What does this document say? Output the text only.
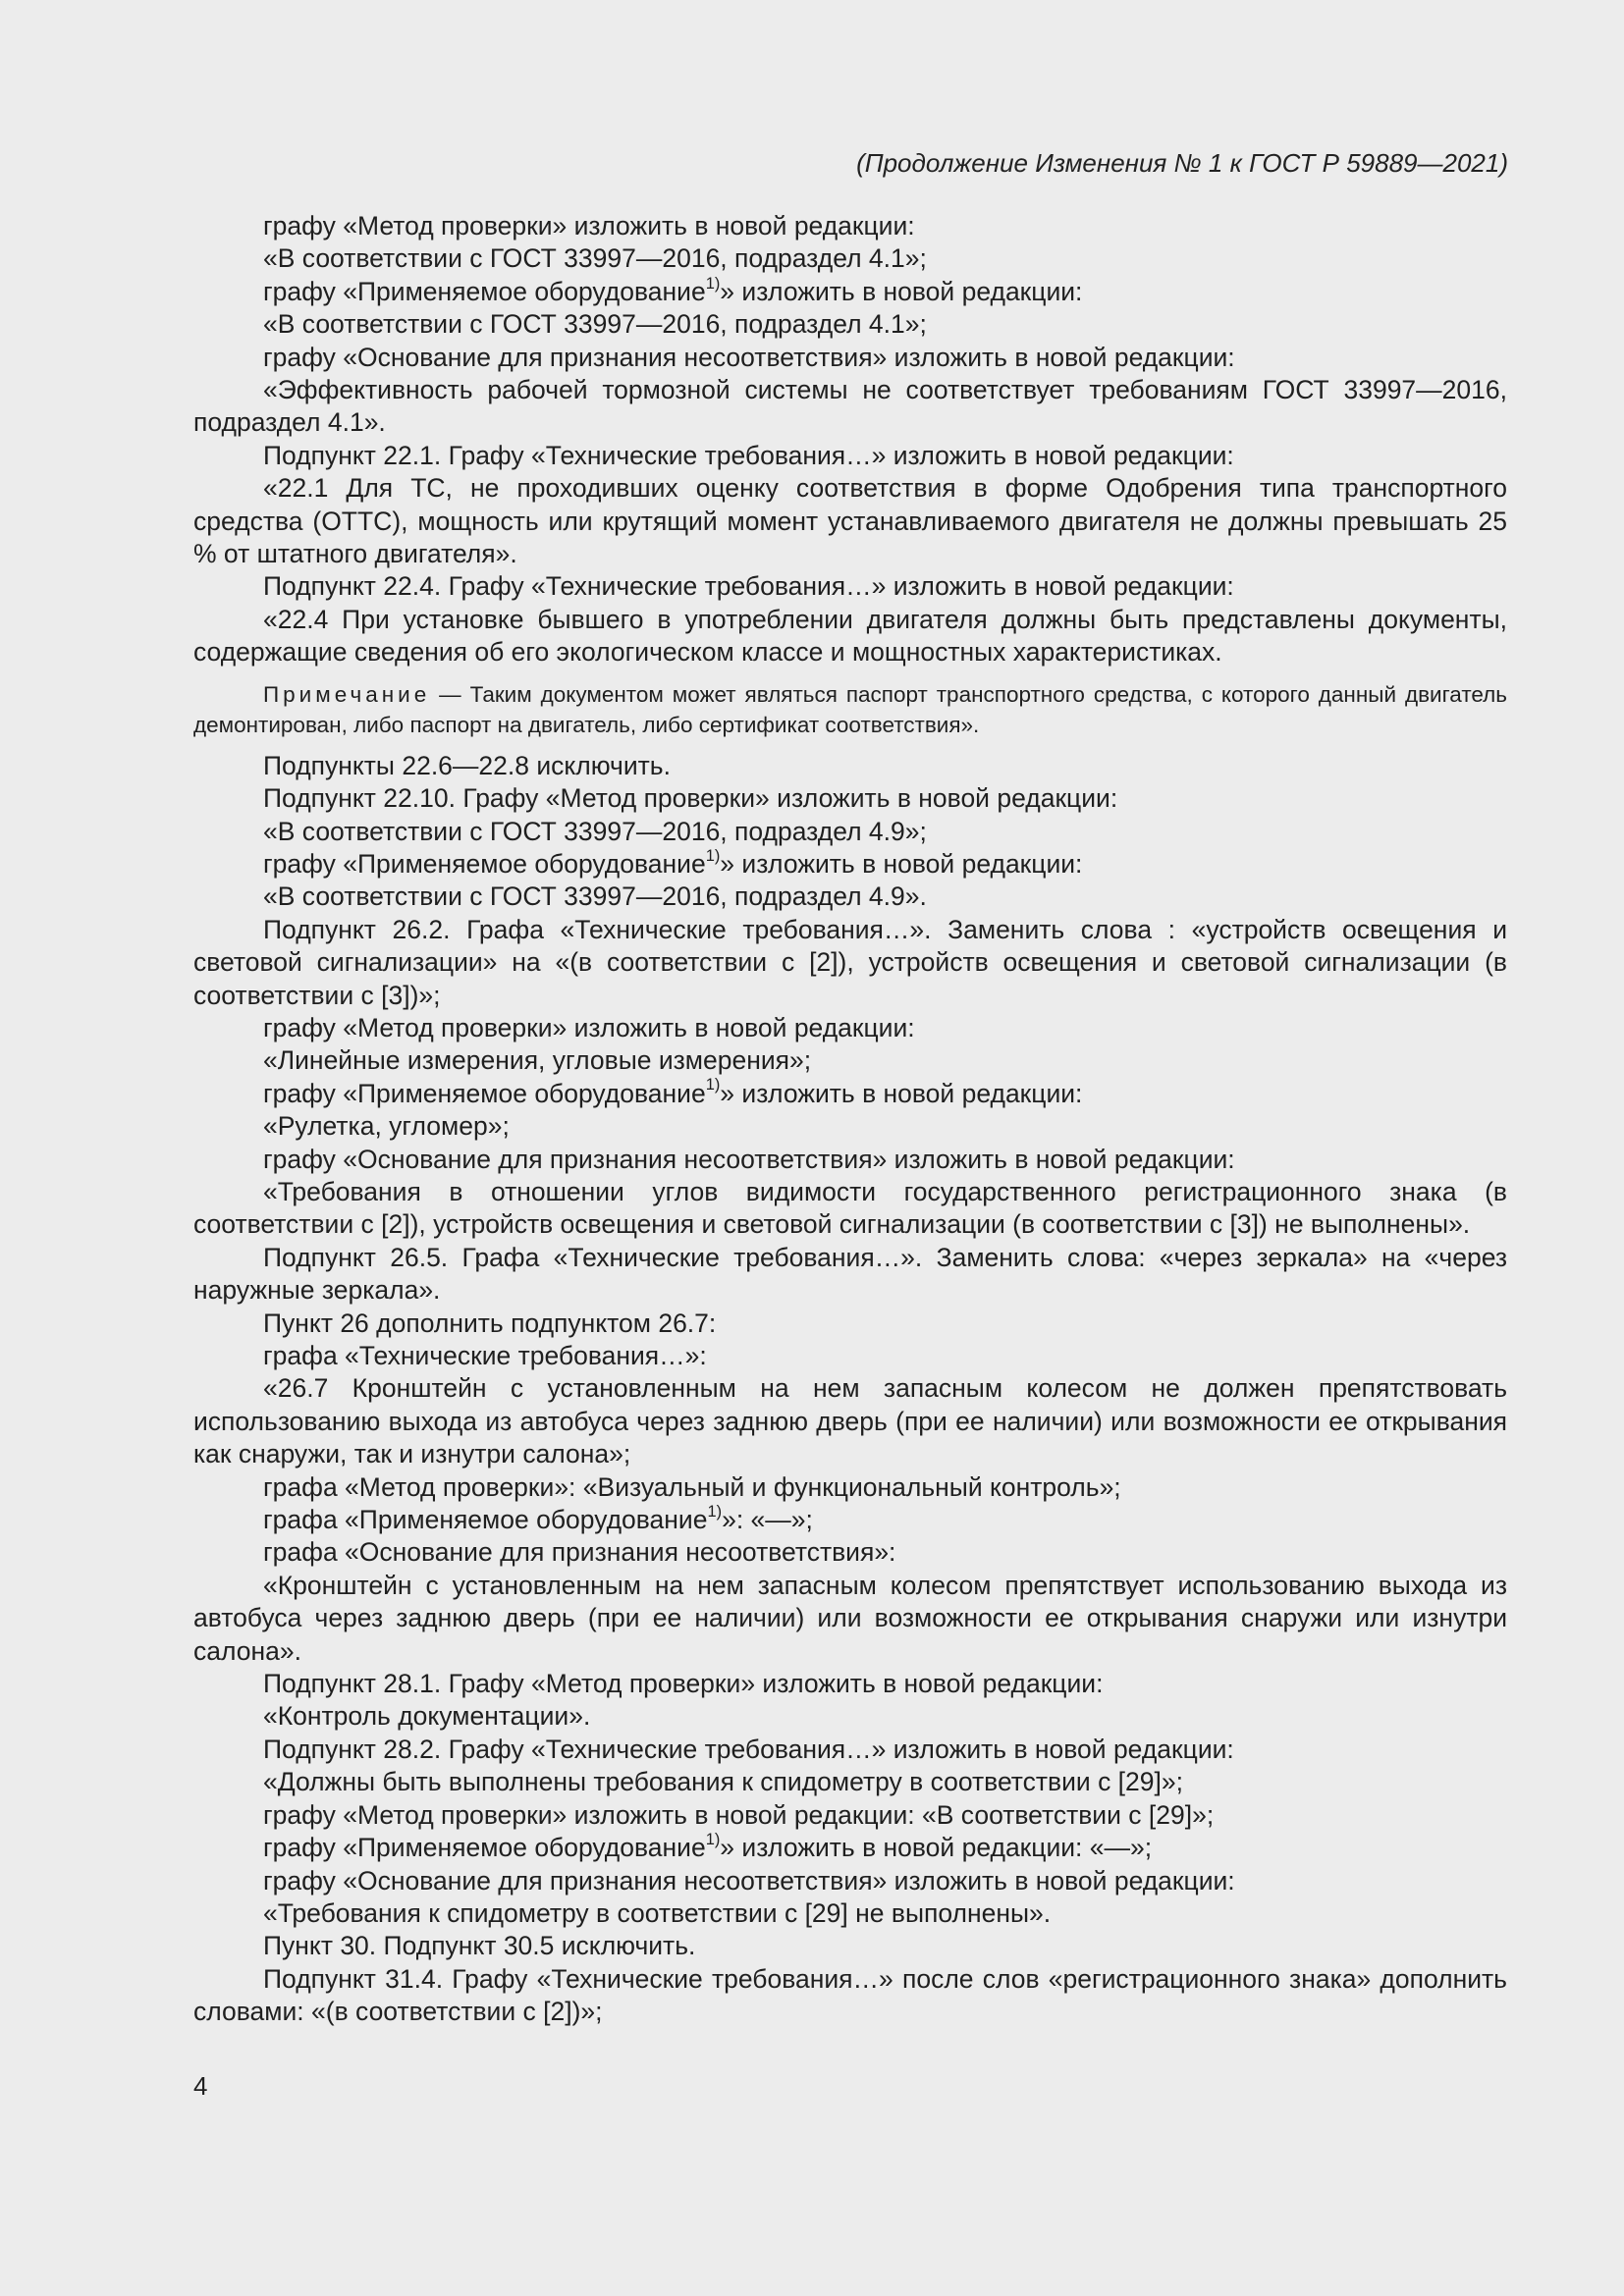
(Продолжение Изменения № 1 к ГОСТ Р 59889—2021)

графу «Метод проверки» изложить в новой редакции:

«В соответствии с ГОСТ 33997—2016, подраздел 4.1»;

графу «Применяемое оборудование$^{1)}$» изложить в новой редакции:

«В соответствии с ГОСТ 33997—2016, подраздел 4.1»;

графу «Основание для признания несоответствия» изложить в новой редакции:

«Эффективность рабочей тормозной системы не соответствует требованиям ГОСТ 33997—2016, подраздел 4.1».

Подпункт 22.1. Графу «Технические требования…» изложить в новой редакции:

«22.1 Для ТС, не проходивших оценку соответствия в форме Одобрения типа транспортного средства (ОТТС), мощность или крутящий момент устанавливаемого двигателя не должны превышать 25 % от штатного двигателя».

Подпункт 22.4. Графу «Технические требования…» изложить в новой редакции:

«22.4 При установке бывшего в употреблении двигателя должны быть представлены документы, содержащие сведения об его экологическом классе и мощностных характеристиках.

Примечание — Таким документом может являться паспорт транспортного средства, с которого данный двигатель демонтирован, либо паспорт на двигатель, либо сертификат соответствия».

Подпункты 22.6—22.8 исключить.

Подпункт 22.10. Графу «Метод проверки» изложить в новой редакции:

«В соответствии с ГОСТ 33997—2016, подраздел 4.9»;

графу «Применяемое оборудование$^{1)}$» изложить в новой редакции:

«В соответствии с ГОСТ 33997—2016, подраздел 4.9».

Подпункт 26.2. Графа «Технические требования…». Заменить слова : «устройств освещения и световой сигнализации» на «(в соответствии с [2]), устройств освещения и световой сигнализации (в соответствии с [3])»;

графу «Метод проверки» изложить в новой редакции:

«Линейные измерения, угловые измерения»;

графу «Применяемое оборудование$^{1)}$» изложить в новой редакции:

«Рулетка, угломер»;

графу «Основание для признания несоответствия» изложить в новой редакции:

«Требования в отношении углов видимости государственного регистрационного знака (в соответствии с [2]), устройств освещения и световой сигнализации (в соответствии с [3]) не выполнены».

Подпункт 26.5. Графа «Технические требования…». Заменить слова: «через зеркала» на «через наружные зеркала».

Пункт 26 дополнить подпунктом 26.7:

графа «Технические требования…»:

«26.7 Кронштейн с установленным на нем запасным колесом не должен препятствовать использованию выхода из автобуса через заднюю дверь (при ее наличии) или возможности ее открывания как снаружи, так и изнутри салона»;

графа «Метод проверки»: «Визуальный и функциональный контроль»;

графа «Применяемое оборудование$^{1)}$»: «—»;

графа «Основание для признания несоответствия»:

«Кронштейн с установленным на нем запасным колесом препятствует использованию выхода из автобуса через заднюю дверь (при ее наличии) или возможности ее открывания снаружи или изнутри салона».

Подпункт 28.1. Графу «Метод проверки» изложить в новой редакции:

«Контроль документации».

Подпункт 28.2. Графу «Технические требования…» изложить в новой редакции:

«Должны быть выполнены требования к спидометру в соответствии с [29]»;

графу «Метод проверки» изложить в новой редакции: «В соответствии с [29]»;

графу «Применяемое оборудование$^{1)}$» изложить в новой редакции: «—»;

графу «Основание для признания несоответствия» изложить в новой редакции:

«Требования к спидометру в соответствии с [29] не выполнены».

Пункт 30. Подпункт 30.5 исключить.

Подпункт 31.4. Графу «Технические требования…» после слов «регистрационного знака» дополнить словами: «(в соответствии с [2])»;

4
